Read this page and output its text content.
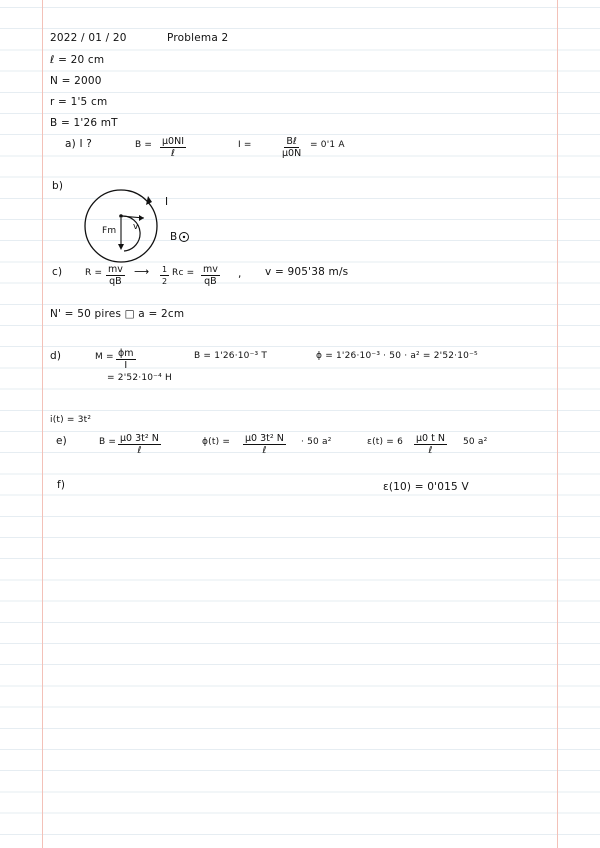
2022 / 01 / 20	Problema 2
ℓ = 20 cm
N = 2000
r = 1'5 cm
B = 1'26 mT
a) I ?	B = μ0NI
ℓ
I =	Bℓ
μ0N
= 0'1 A
b)
Fm v
I
B
c)	$R = \frac{mv}{qB}$ ⟶ $\frac{1}{2}$ $Rc = \frac{mv}{qB}$ , v = 905'38 m/s
N' = 50 pires □ a = 2cm
d)	$M = \frac{\phi m}{I}$
= 2'52·10⁻⁴ H
B = 1'26·10⁻³ T	ϕ = 1'26·10⁻³ · 50 · a² = 2'52·10⁻⁵
i(t) = 3t²
e)	B = μ0 3t² N
ℓ
ϕ(t) = μ0 3t² N
ℓ
· 50 a²	ε(t) = 6 μ0 t N
ℓ
50 a²
f)	ε(10) = 0'015 V
